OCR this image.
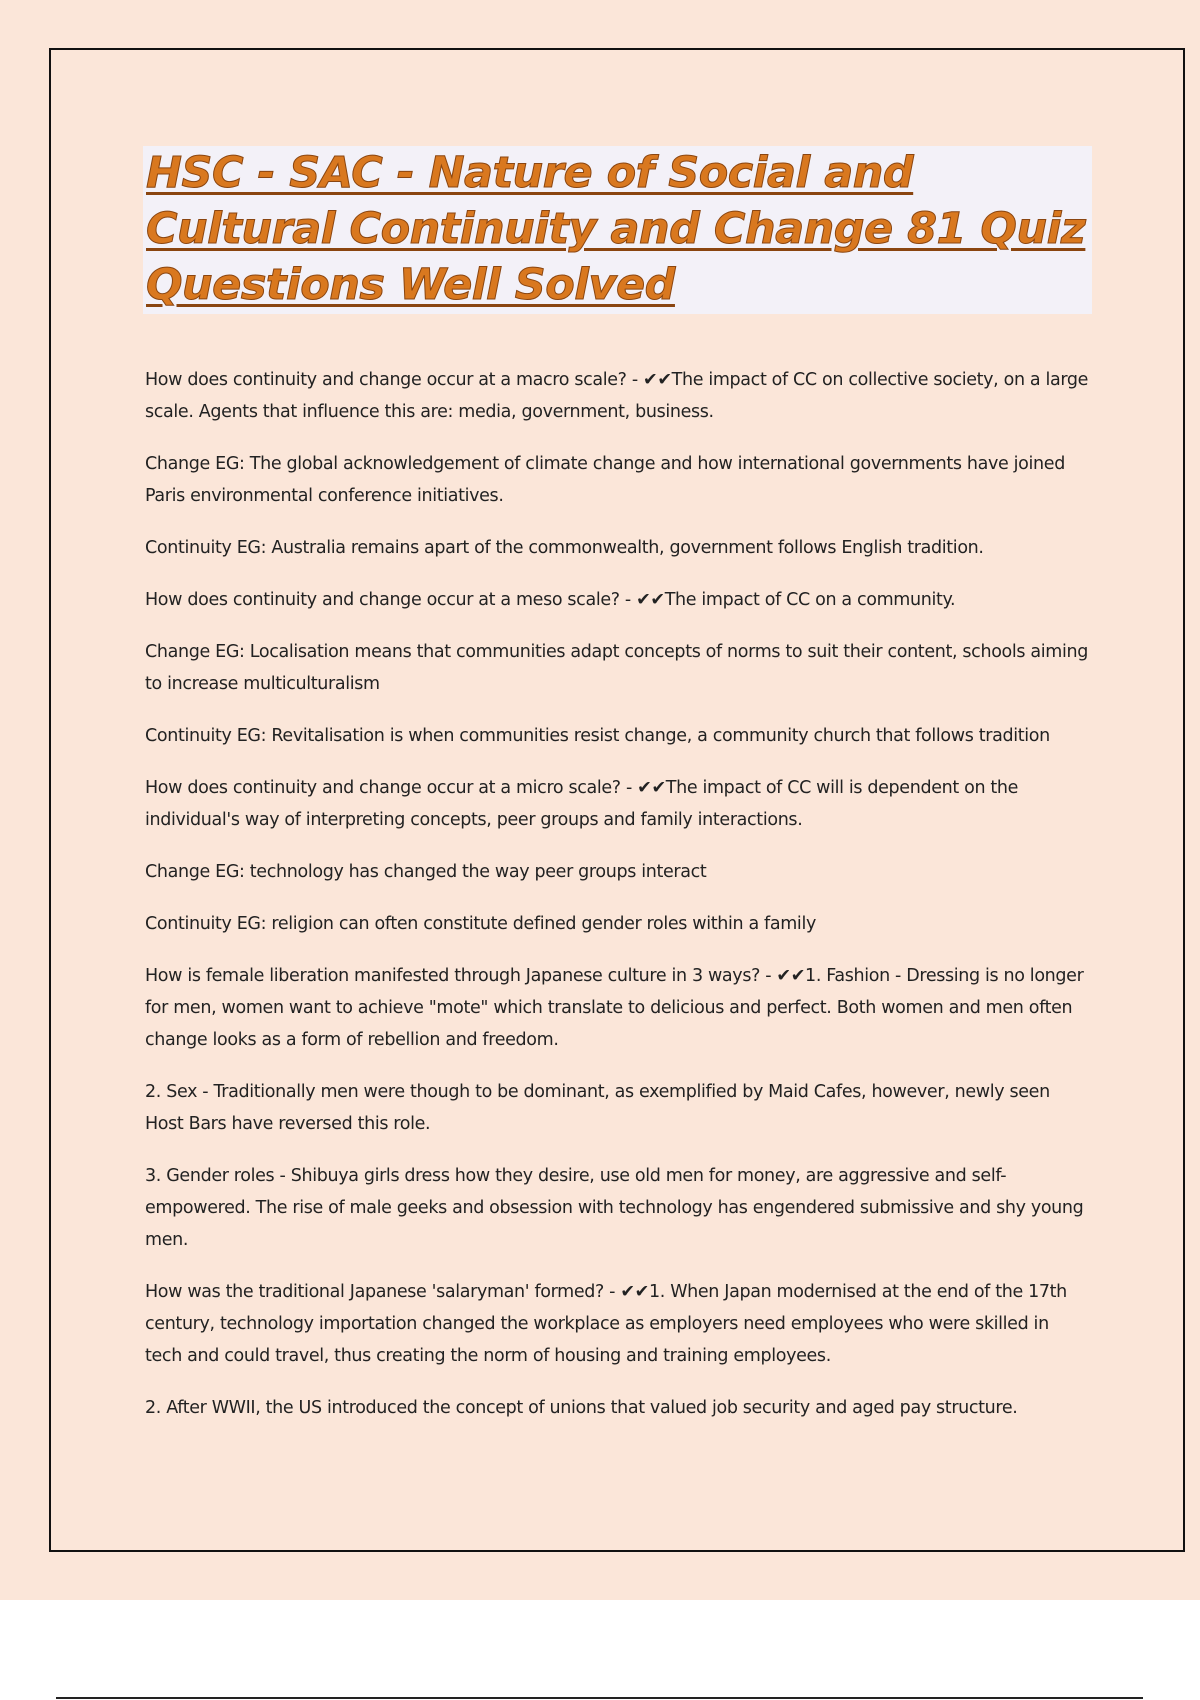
HSC - SAC - Nature of Social and Cultural Continuity and Change 81 Quiz Questions Well Solved

How does continuity and change occur at a macro scale? - ✔✔The impact of CC on collective society, on a large scale. Agents that influence this are: media, government, business.

Change EG: The global acknowledgement of climate change and how international governments have joined Paris environmental conference initiatives.

Continuity EG: Australia remains apart of the commonwealth, government follows English tradition.

How does continuity and change occur at a meso scale? - ✔✔The impact of CC on a community.

Change EG: Localisation means that communities adapt concepts of norms to suit their content, schools aiming to increase multiculturalism

Continuity EG: Revitalisation is when communities resist change, a community church that follows tradition

How does continuity and change occur at a micro scale? - ✔✔The impact of CC will is dependent on the individual's way of interpreting concepts, peer groups and family interactions.

Change EG: technology has changed the way peer groups interact

Continuity EG: religion can often constitute defined gender roles within a family

How is female liberation manifested through Japanese culture in 3 ways? - ✔✔1. Fashion - Dressing is no longer for men, women want to achieve "mote" which translate to delicious and perfect. Both women and men often change looks as a form of rebellion and freedom.

2. Sex - Traditionally men were though to be dominant, as exemplified by Maid Cafes, however, newly seen Host Bars have reversed this role.

3. Gender roles - Shibuya girls dress how they desire, use old men for money, are aggressive and self-empowered. The rise of male geeks and obsession with technology has engendered submissive and shy young men.

How was the traditional Japanese 'salaryman' formed? - ✔✔1. When Japan modernised at the end of the 17th century, technology importation changed the workplace as employers need employees who were skilled in tech and could travel, thus creating the norm of housing and training employees.

2. After WWII, the US introduced the concept of unions that valued job security and aged pay structure.
